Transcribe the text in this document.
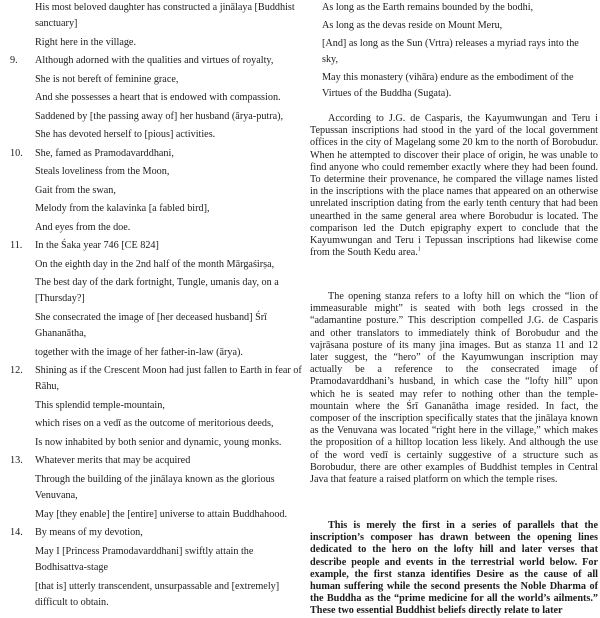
His most beloved daughter has constructed a jinālaya [Buddhist
sanctuary]
Right here in the village.
9. Although adorned with the qualities and virtues of royalty,
She is not bereft of feminine grace,
And she possesses a heart that is endowed with compassion.
Saddened by [the passing away of] her husband (ārya-putra),
She has devoted herself to [pious] activities.
10. She, famed as Pramodavarddhani,
Steals loveliness from the Moon,
Gait from the swan,
Melody from the kalavinka [a fabled bird],
And eyes from the doe.
11. In the Śaka year 746 [CE 824]
On the eighth day in the 2nd half of the month Mārgaśirṣa,
The best day of the dark fortnight, Tungle, umanis day, on a
[Thursday?]
She consecrated the image of [her deceased husband] Śrī
Ghananātha,
together with the image of her father-in-law (ārya).
12. Shining as if the Crescent Moon had just fallen to Earth in fear of
Rāhu,
This splendid temple-mountain,
which rises on a vedī as the outcome of meritorious deeds,
Is now inhabited by both senior and dynamic, young monks.
13. Whatever merits that may be acquired
Through the building of the jinālaya known as the glorious
Venuvana,
May [they enable] the [entire] universe to attain Buddhahood.
14. By means of my devotion,
May I [Princess Pramodavarddhani] swiftly attain the
Bodhisattva-stage
[that is] utterly transcendent, unsurpassable and [extremely]
difficult to obtain.
As long as the Earth remains bounded by the bodhi,
As long as the devas reside on Mount Meru,
[And] as long as the Sun (Vrtra) releases a myriad rays into the
sky,
May this monastery (vihāra) endure as the embodiment of the
Virtues of the Buddha (Sugata).

According to J.G. de Casparis, the Kayumwungan and Teru i Tepussan inscriptions had stood in the yard of the local government offices in the city of Magelang some 20 km to the north of Borobudur. When he attempted to discover their place of origin, he was unable to find anyone who could remember exactly where they had been found. To determine their provenance, he compared the village names listed in the inscriptions with the place names that appeared on an otherwise unrelated inscription dating from the early tenth century that had been unearthed in the same general area where Borobudur is located. The comparison led the Dutch epigraphy expert to conclude that the Kayumwungan and Teru i Tepussan inscriptions had likewise come from the South Kedu area.$^1$

The opening stanza refers to a lofty hill on which the “lion of immeasurable might” is seated with both legs crossed in the “adamantine posture.” This description compelled J.G. de Casparis and other translators to immediately think of Borobudur and the vajrāsana posture of its many jina images. But as stanza 11 and 12 later suggest, the “hero” of the Kayumwungan inscription may actually be a reference to the consecrated image of Pramodavarddhani’s husband, in which case the “lofty hill” upon which he is seated may refer to nothing other than the temple-mountain where the Śrī Gananātha image resided. In fact, the composer of the inscription specifically states that the jinālaya known as the Venuvana was located “right here in the village,” which makes the proposition of a hilltop location less likely. And although the use of the word vedī is certainly suggestive of a structure such as Borobudur, there are other examples of Buddhist temples in Central Java that feature a raised platform on which the temple rises.

This is merely the first in a series of parallels that the inscription’s composer has drawn between the opening lines dedicated to the hero on the lofty hill and later verses that describe people and events in the terrestrial world below. For example, the first stanza identifies Desire as the cause of all human suffering while the second presents the Noble Dharma of the Buddha as the “prime medicine for all the world’s ailments.” These two essential Buddhist beliefs directly relate to later
